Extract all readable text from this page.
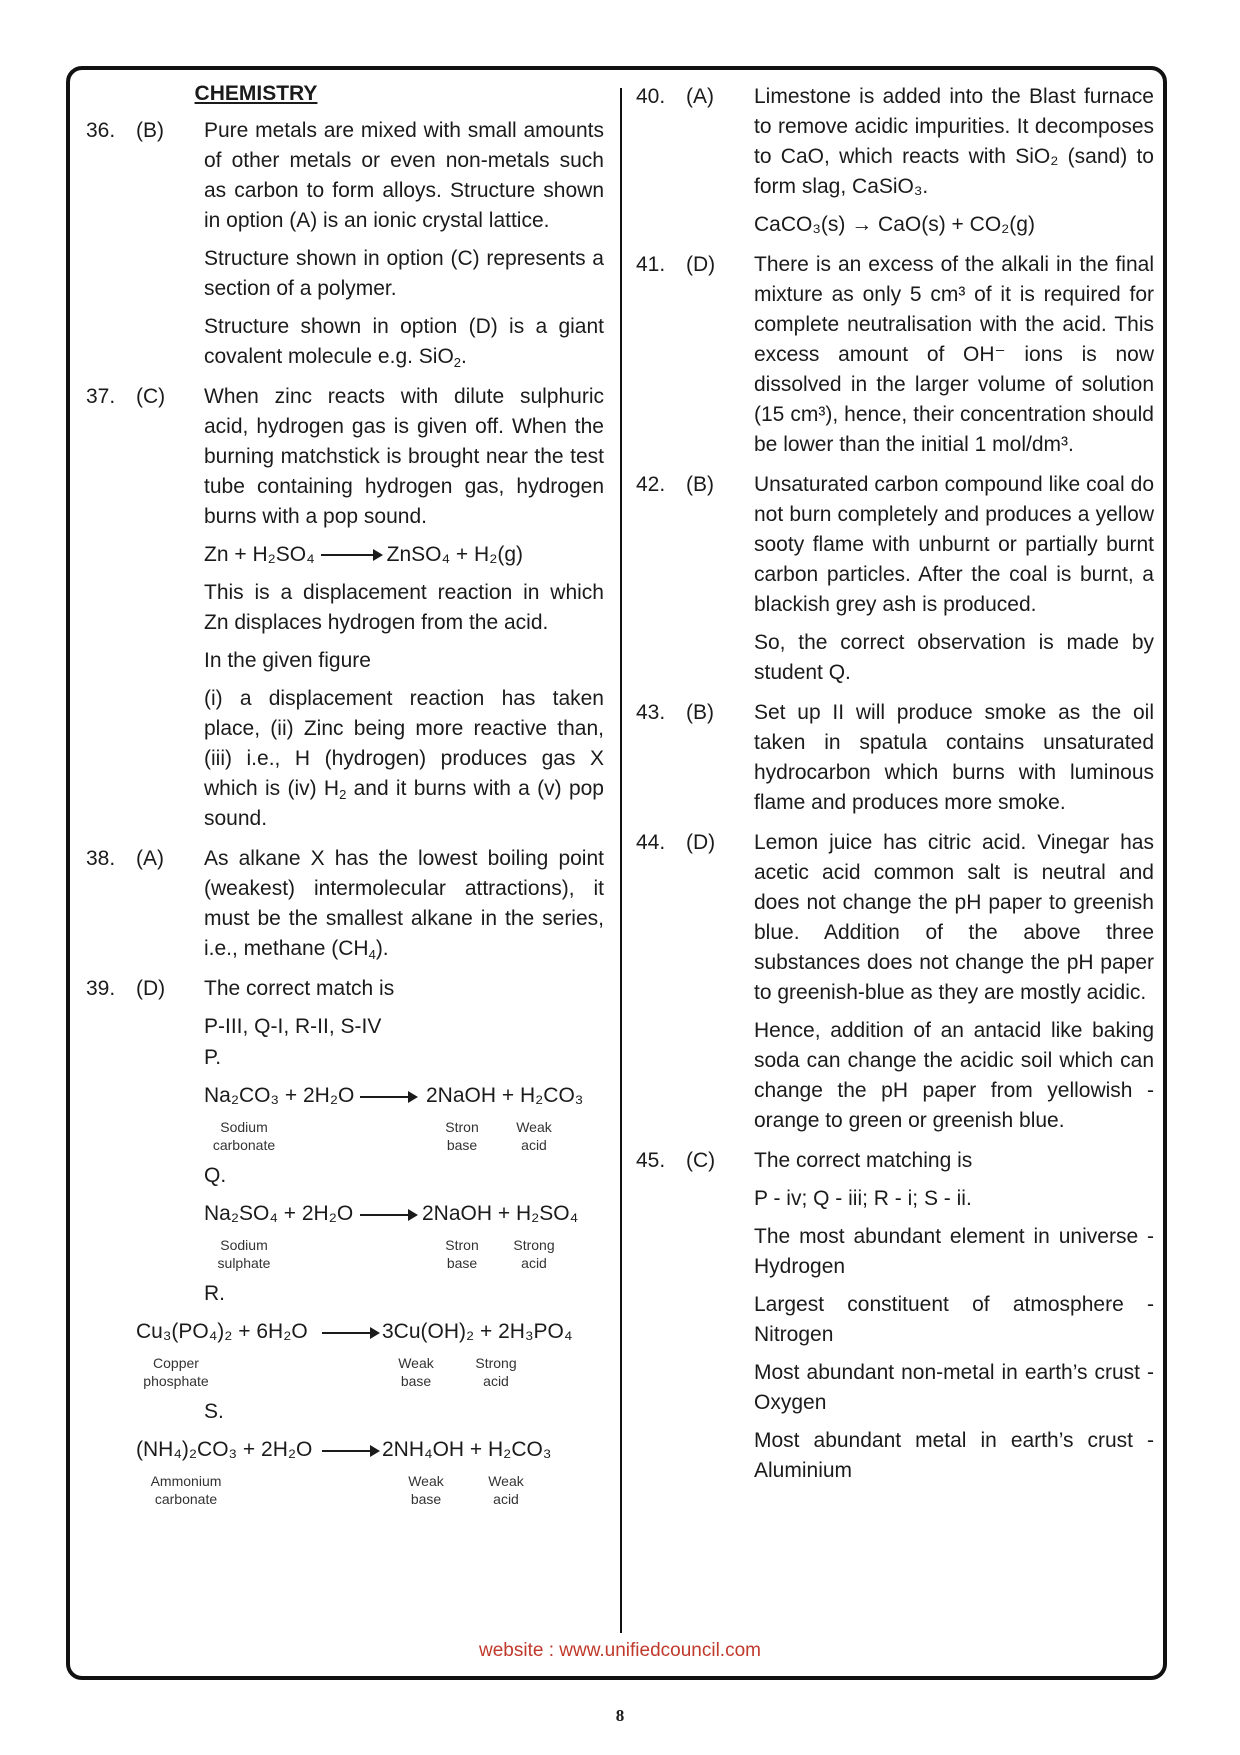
CHEMISTRY
36. (B)	Pure metals are mixed with small amounts of other metals or even non-metals such as carbon to form alloys. Structure shown in option (A) is an ionic crystal lattice.

Structure shown in option (C) represents a section of a polymer.

Structure shown in option (D) is a giant covalent molecule e.g. SiO$_2$.

37. (C)	When zinc reacts with dilute sulphuric acid, hydrogen gas is given off. When the burning matchstick is brought near the test tube containing hydrogen gas, hydrogen burns with a pop sound.

Zn + H₂SO₄ → ZnSO₄ + H₂(g)

This is a displacement reaction in which Zn displaces hydrogen from the acid.

In the given figure

(i) a displacement reaction has taken place, (ii) Zinc being more reactive than, (iii) i.e., H (hydrogen) produces gas X which is (iv) $H_2$ and it burns with a (v) pop sound.

38. (A)	As alkane X has the lowest boiling point (weakest) intermolecular attractions), it must be the smallest alkane in the series, i.e., methane $(CH_4)$.

39. (D)	The correct match is

P-III, Q-I, R-II, S-IV

P.
Na₂CO₃ + 2H₂O → 2NaOH + H₂CO₃
Sodium
carbonate
Stron
base
Weak
acid
Q.
Na₂SO₄ + 2H₂O → 2NaOH + H₂SO₄
Sodium
sulphate
Stron
base
Strong
acid
R.
Cu₃(PO₄)₂ + 6H₂O → 3Cu(OH)₂ + 2H₃PO₄
Copper
phosphate
Weak
base
Strong
acid
S.
(NH₄)₂CO₃ + 2H₂O → 2NH₄OH + H₂CO₃
Ammonium
carbonate
Weak
base
Weak
acid
40. (A)	Limestone is added into the Blast furnace to remove acidic impurities. It decomposes to CaO, which reacts with SiO₂ (sand) to form slag, CaSiO₃.

CaCO₃(s) → CaO(s) + CO₂(g)

41. (D)	There is an excess of the alkali in the final mixture as only 5 cm³ of it is required for complete neutralisation with the acid. This excess amount of OH⁻ ions is now dissolved in the larger volume of solution (15 cm³), hence, their concentration should be lower than the initial 1 mol/dm³.

42. (B)	Unsaturated carbon compound like coal do not burn completely and produces a yellow sooty flame with unburnt or partially burnt carbon particles. After the coal is burnt, a blackish grey ash is produced.

So, the correct observation is made by student Q.

43. (B)	Set up II will produce smoke as the oil taken in spatula contains unsaturated hydrocarbon which burns with luminous flame and produces more smoke.

44. (D)	Lemon juice has citric acid. Vinegar has acetic acid common salt is neutral and does not change the pH paper to greenish blue. Addition of the above three substances does not change the pH paper to greenish-blue as they are mostly acidic.

Hence, addition of an antacid like baking soda can change the acidic soil which can change the pH paper from yellowish - orange to green or greenish blue.

45. (C)	The correct matching is

P - iv; Q - iii; R - i; S - ii.

The most abundant element in universe - Hydrogen

Largest constituent of atmosphere - Nitrogen

Most abundant non-metal in earth’s crust - Oxygen

Most abundant metal in earth’s crust - Aluminium

website : www.unifiedcouncil.com
8
